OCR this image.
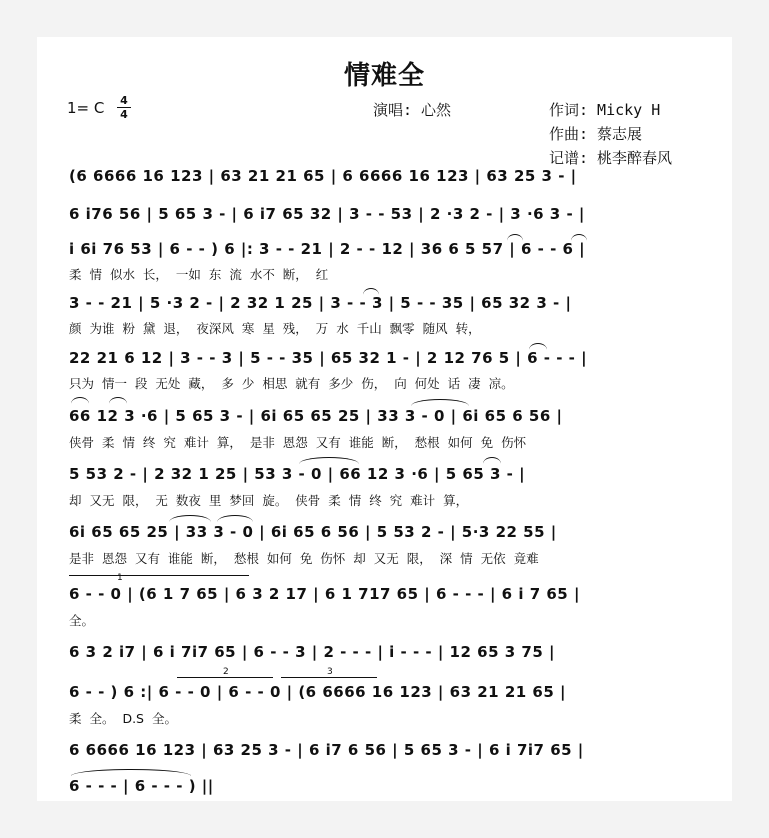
情难全
1= C 4
4	演唱: 心然	作词: Micky H
作曲: 蔡志展
记谱: 桃李醉春风
(6 6666 16 123 | 63 21 21 65 | 6 6666 16 123 | 63 25 3 - |
6 i76 56 | 5 65 3 - | 6 i7 65 32 | 3 - - 53 | 2 ·3 2 - | 3 ·6 3 - |
i 6i 76 53 | 6 - - ) 6 |: 3 - - 21 | 2 - - 12 | 36 6 5 57 | 6 - - 6 |
柔 情 似水 长， 一如 东 流 水不 断， 红
3 - - 21 | 5 ·3 2 - | 2 32 1 25 | 3 - - 3 | 5 - - 35 | 65 32 3 - |
颜 为谁 粉 黛 退， 夜深风 寒 星 残， 万 水 千山 飘零 随风 转，
22 21 6 12 | 3 - - 3 | 5 - - 35 | 65 32 1 - | 2 12 76 5 | 6 - - - |
只为 情一 段 无处 藏， 多 少 相思 就有 多少 伤， 向 何处 话 凄 凉。
66 12 3 ·6 | 5 65 3 - | 6i 65 65 25 | 33 3 - 0 | 6i 65 6 56 |
侠骨 柔 情 终 究 难计 算， 是非 恩怨 又有 谁能 断， 愁根 如何 免 伤怀
5 53 2 - | 2 32 1 25 | 53 3 - 0 | 66 12 3 ·6 | 5 65 3 - |
却 又无 限， 无 数夜 里 梦回 旋。 侠骨 柔 情 终 究 难计 算，
6i 65 65 25 | 33 3 - 0 | 6i 65 6 56 | 5 53 2 - | 5·3 22 55 |
是非 恩怨 又有 谁能 断， 愁根 如何 免 伤怀 却 又无 限， 深 情 无依 竟难
1
6 - - 0 | (6 1 7 65 | 6 3 2 17 | 6 1 717 65 | 6 - - - | 6 i 7 65 |
全。
6 3 2 i7 | 6 i 7i7 65 | 6 - - 3 | 2 - - - | i - - - | 12 65 3 75 |
2	3
6 - - ) 6 :| 6 - - 0 | 6 - - 0 | (6 6666 16 123 | 63 21 21 65 |
柔 全。 D.S 全。
6 6666 16 123 | 63 25 3 - | 6 i7 6 56 | 5 65 3 - | 6 i 7i7 65 |
6 - - - | 6 - - - ) ||
